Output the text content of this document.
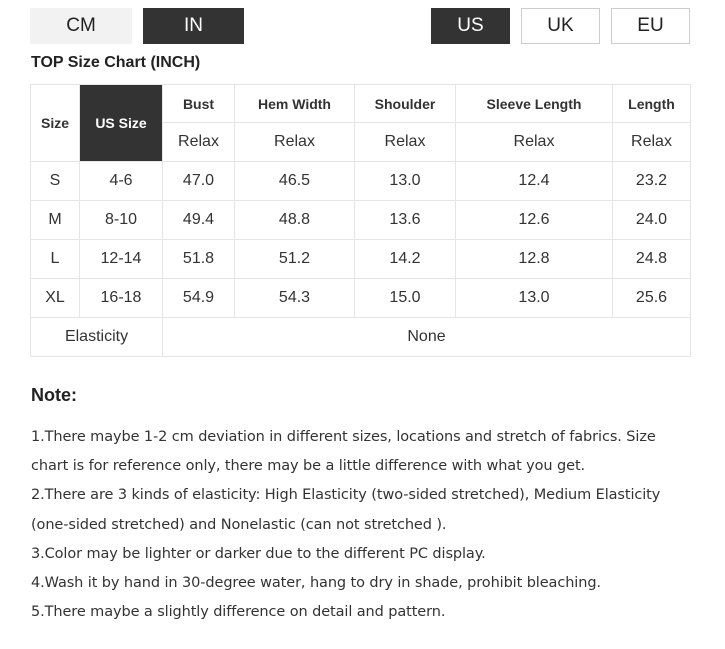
CM	IN	US	UK	EU
TOP Size Chart (INCH)
Size	US Size	Bust	Hem Width	Shoulder	Sleeve Length	Length
		Relax	Relax	Relax	Relax	Relax
S	4-6	47.0	46.5	13.0	12.4	23.2
M	8-10	49.4	48.8	13.6	12.6	24.0
L	12-14	51.8	51.2	14.2	12.8	24.8
XL	16-18	54.9	54.3	15.0	13.0	25.6
Elasticity		None				
Note:

1.There maybe 1-2 cm deviation in different sizes, locations and stretch of fabrics. Size chart is for reference only, there may be a little difference with what you get.

2.There are 3 kinds of elasticity: High Elasticity (two-sided stretched), Medium Elasticity (one-sided stretched) and Nonelastic (can not stretched ).

3.Color may be lighter or darker due to the different PC display.

4.Wash it by hand in 30-degree water, hang to dry in shade, prohibit bleaching.

5.There maybe a slightly difference on detail and pattern.
